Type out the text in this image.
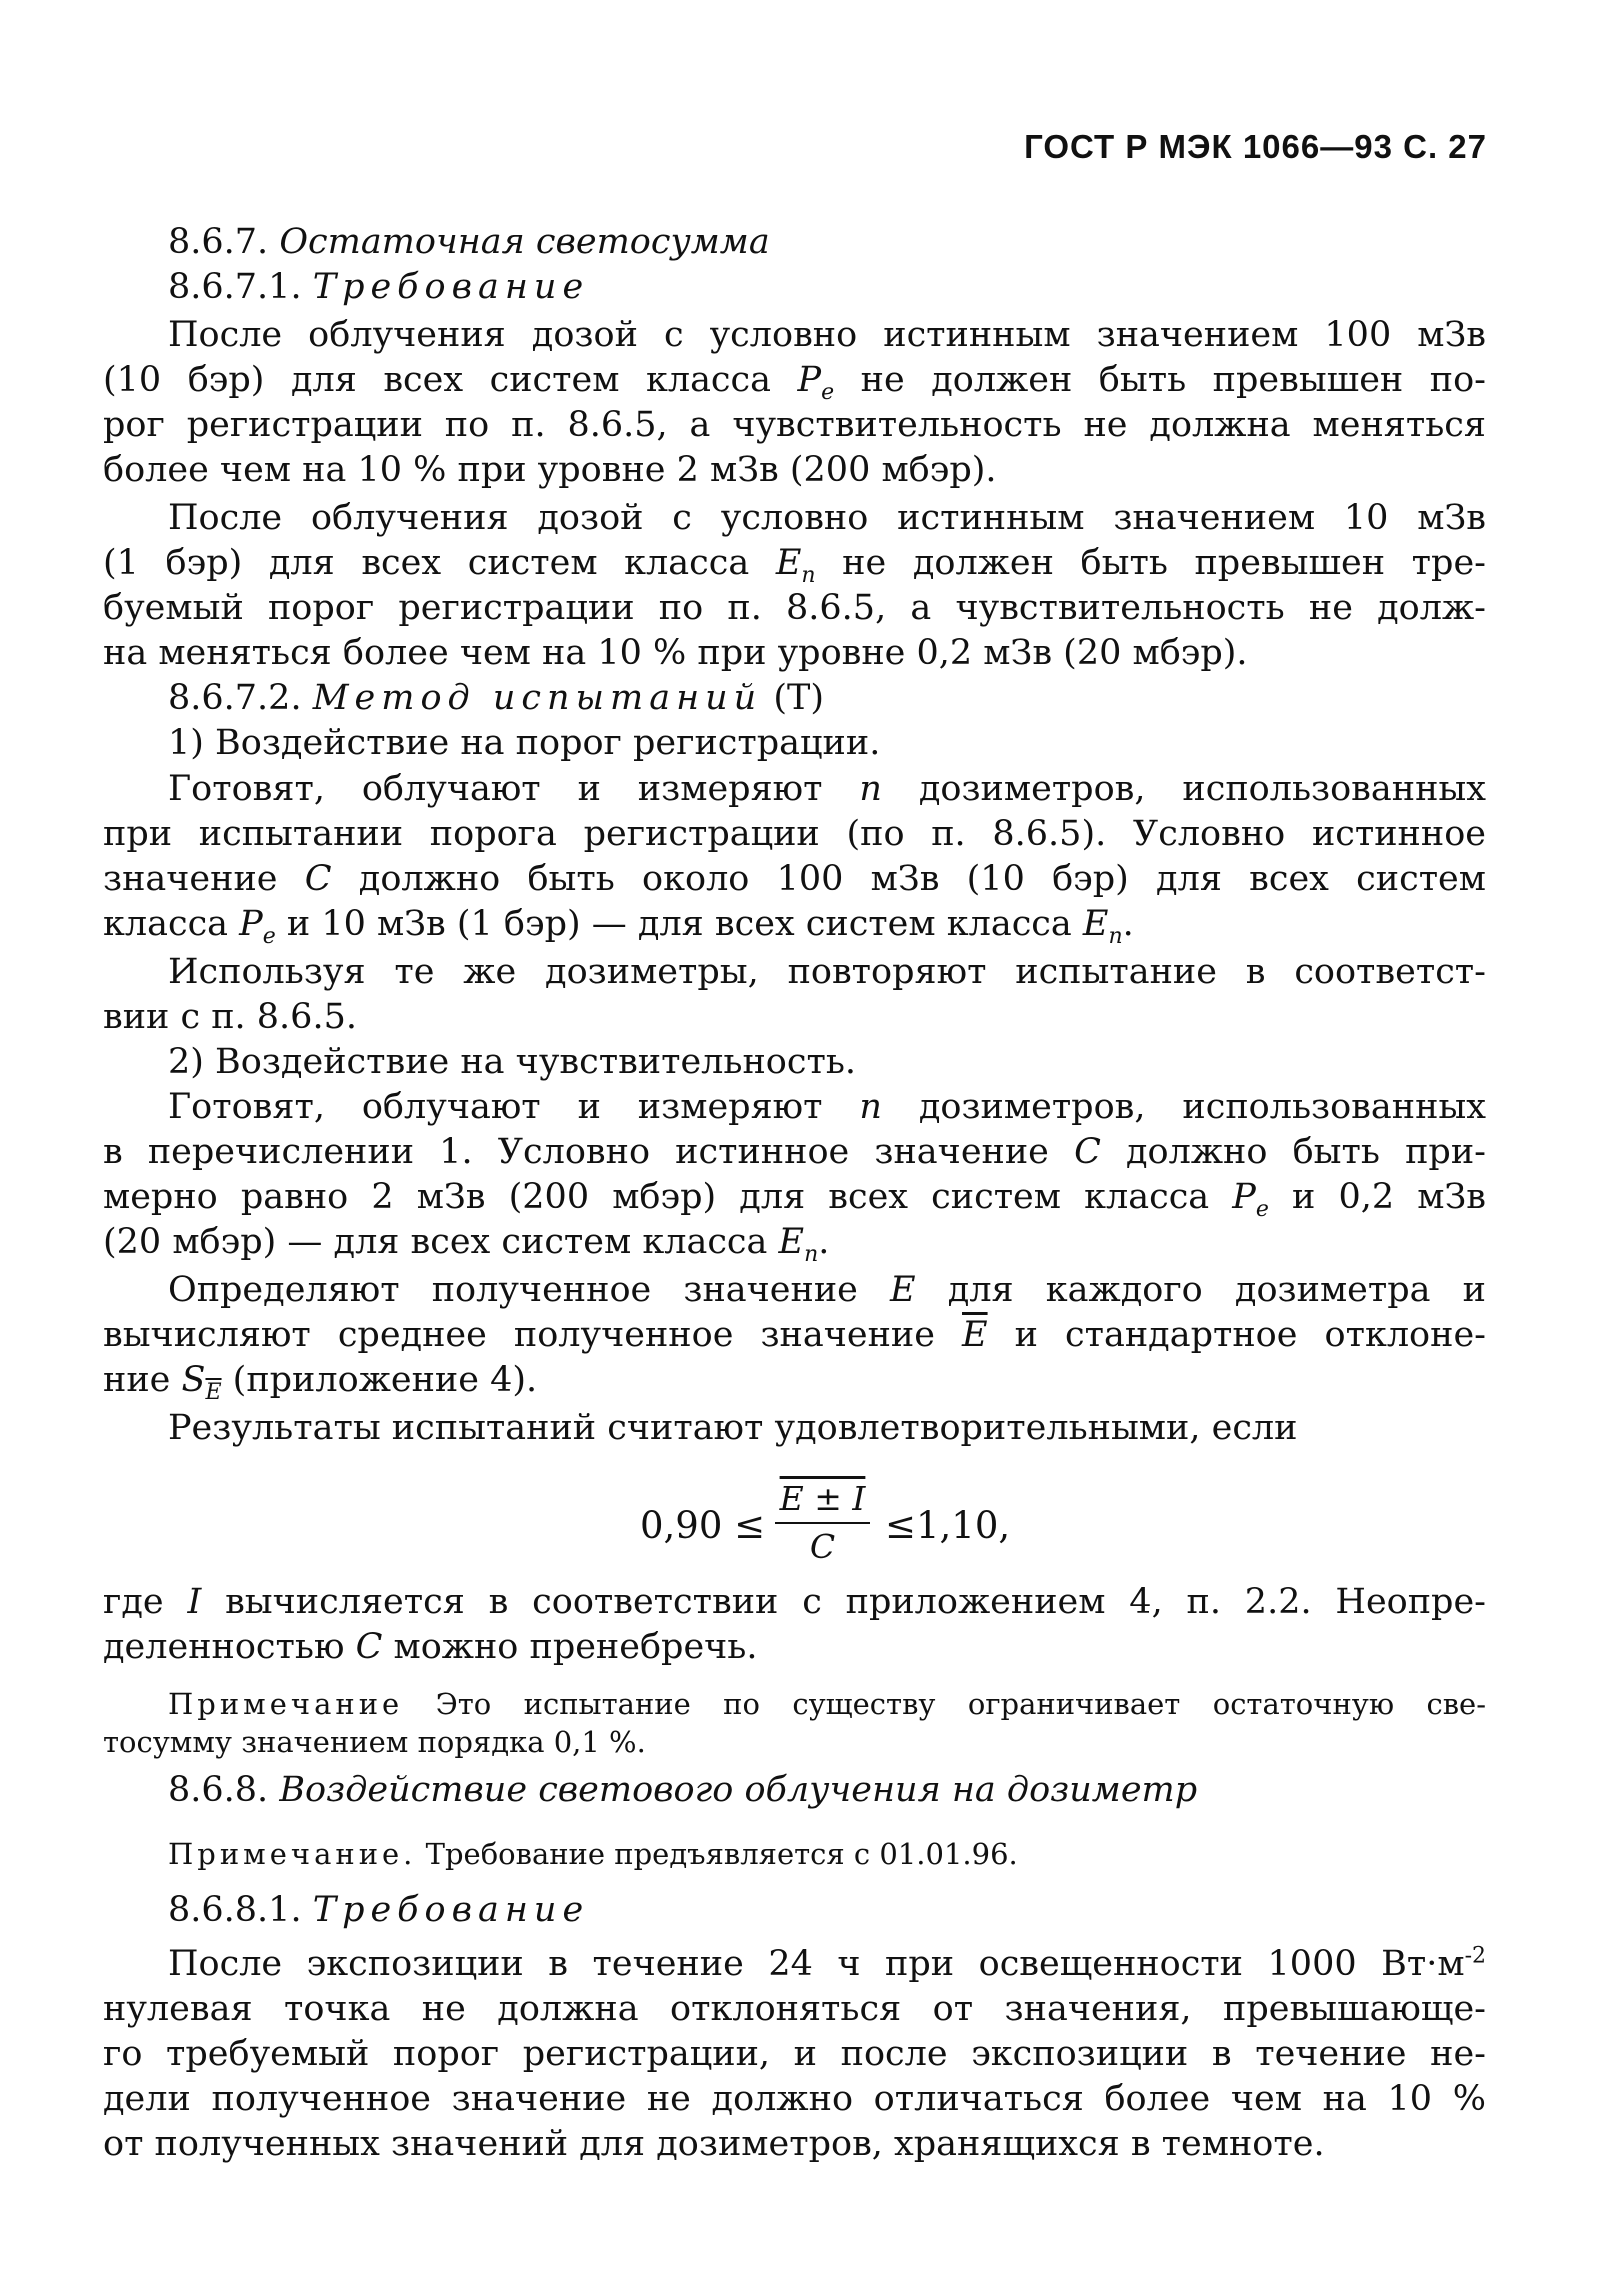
ГОСТ Р МЭК 1066—93 С. 27
8.6.7. Остаточная светосумма
8.6.7.1. Требование
После облучения дозой с условно истинным значением 100 мЗв
(10 бэр) для всех систем класса $P_e$ не должен быть превышен по-
рог регистрации по п. 8.6.5, а чувствительность не должна меняться
более чем на 10 % при уровне 2 мЗв (200 мбэр).
После облучения дозой с условно истинным значением 10 мЗв
(1 бэр) для всех систем класса $E_n$ не должен быть превышен тре-
буемый порог регистрации по п. 8.6.5, а чувствительность не долж-
на меняться более чем на 10 % при уровне 0,2 мЗв (20 мбэр).
8.6.7.2. Метод испытаний (Т)
1) Воздействие на порог регистрации.
Готовят, облучают и измеряют n дозиметров, использованных
при испытании порога регистрации (по п. 8.6.5). Условно истинное
значение C должно быть около 100 мЗв (10 бэр) для всех систем
класса $P_e$ и 10 мЗв (1 бэр) — для всех систем класса $E_n$.
Используя те же дозиметры, повторяют испытание в соответст-
вии с п. 8.6.5.
2) Воздействие на чувствительность.
Готовят, облучают и измеряют n дозиметров, использованных
в перечислении 1. Условно истинное значение C должно быть при-
мерно равно 2 мЗв (200 мбэр) для всех систем класса $P_e$ и 0,2 мЗв
(20 мбэр) — для всех систем класса $E_n$.
Определяют полученное значение E для каждого дозиметра и
вычисляют среднее полученное значение $\overline{E}$ и стандартное отклоне-
ние $S_{\overline{E}}$ (приложение 4).
Результаты испытаний считают удовлетворительными, если
0,90 ≤
E ± I
C	≤1,10,
где I вычисляется в соответствии с приложением 4, п. 2.2. Неопре-
деленностью C можно пренебречь.
Примечание Это испытание по существу ограничивает остаточную све-
тосумму значением порядка 0,1 %.
8.6.8. Воздействие светового облучения на дозиметр
Примечание. Требование предъявляется с 01.01.96.
8.6.8.1. Требование
После экспозиции в течение 24 ч при освещенности 1000 $Вт\cdot м^{-2}$
нулевая точка не должна отклоняться от значения, превышающе-
го требуемый порог регистрации, и после экспозиции в течение не-
дели полученное значение не должно отличаться более чем на 10 %
от полученных значений для дозиметров, хранящихся в темноте.
